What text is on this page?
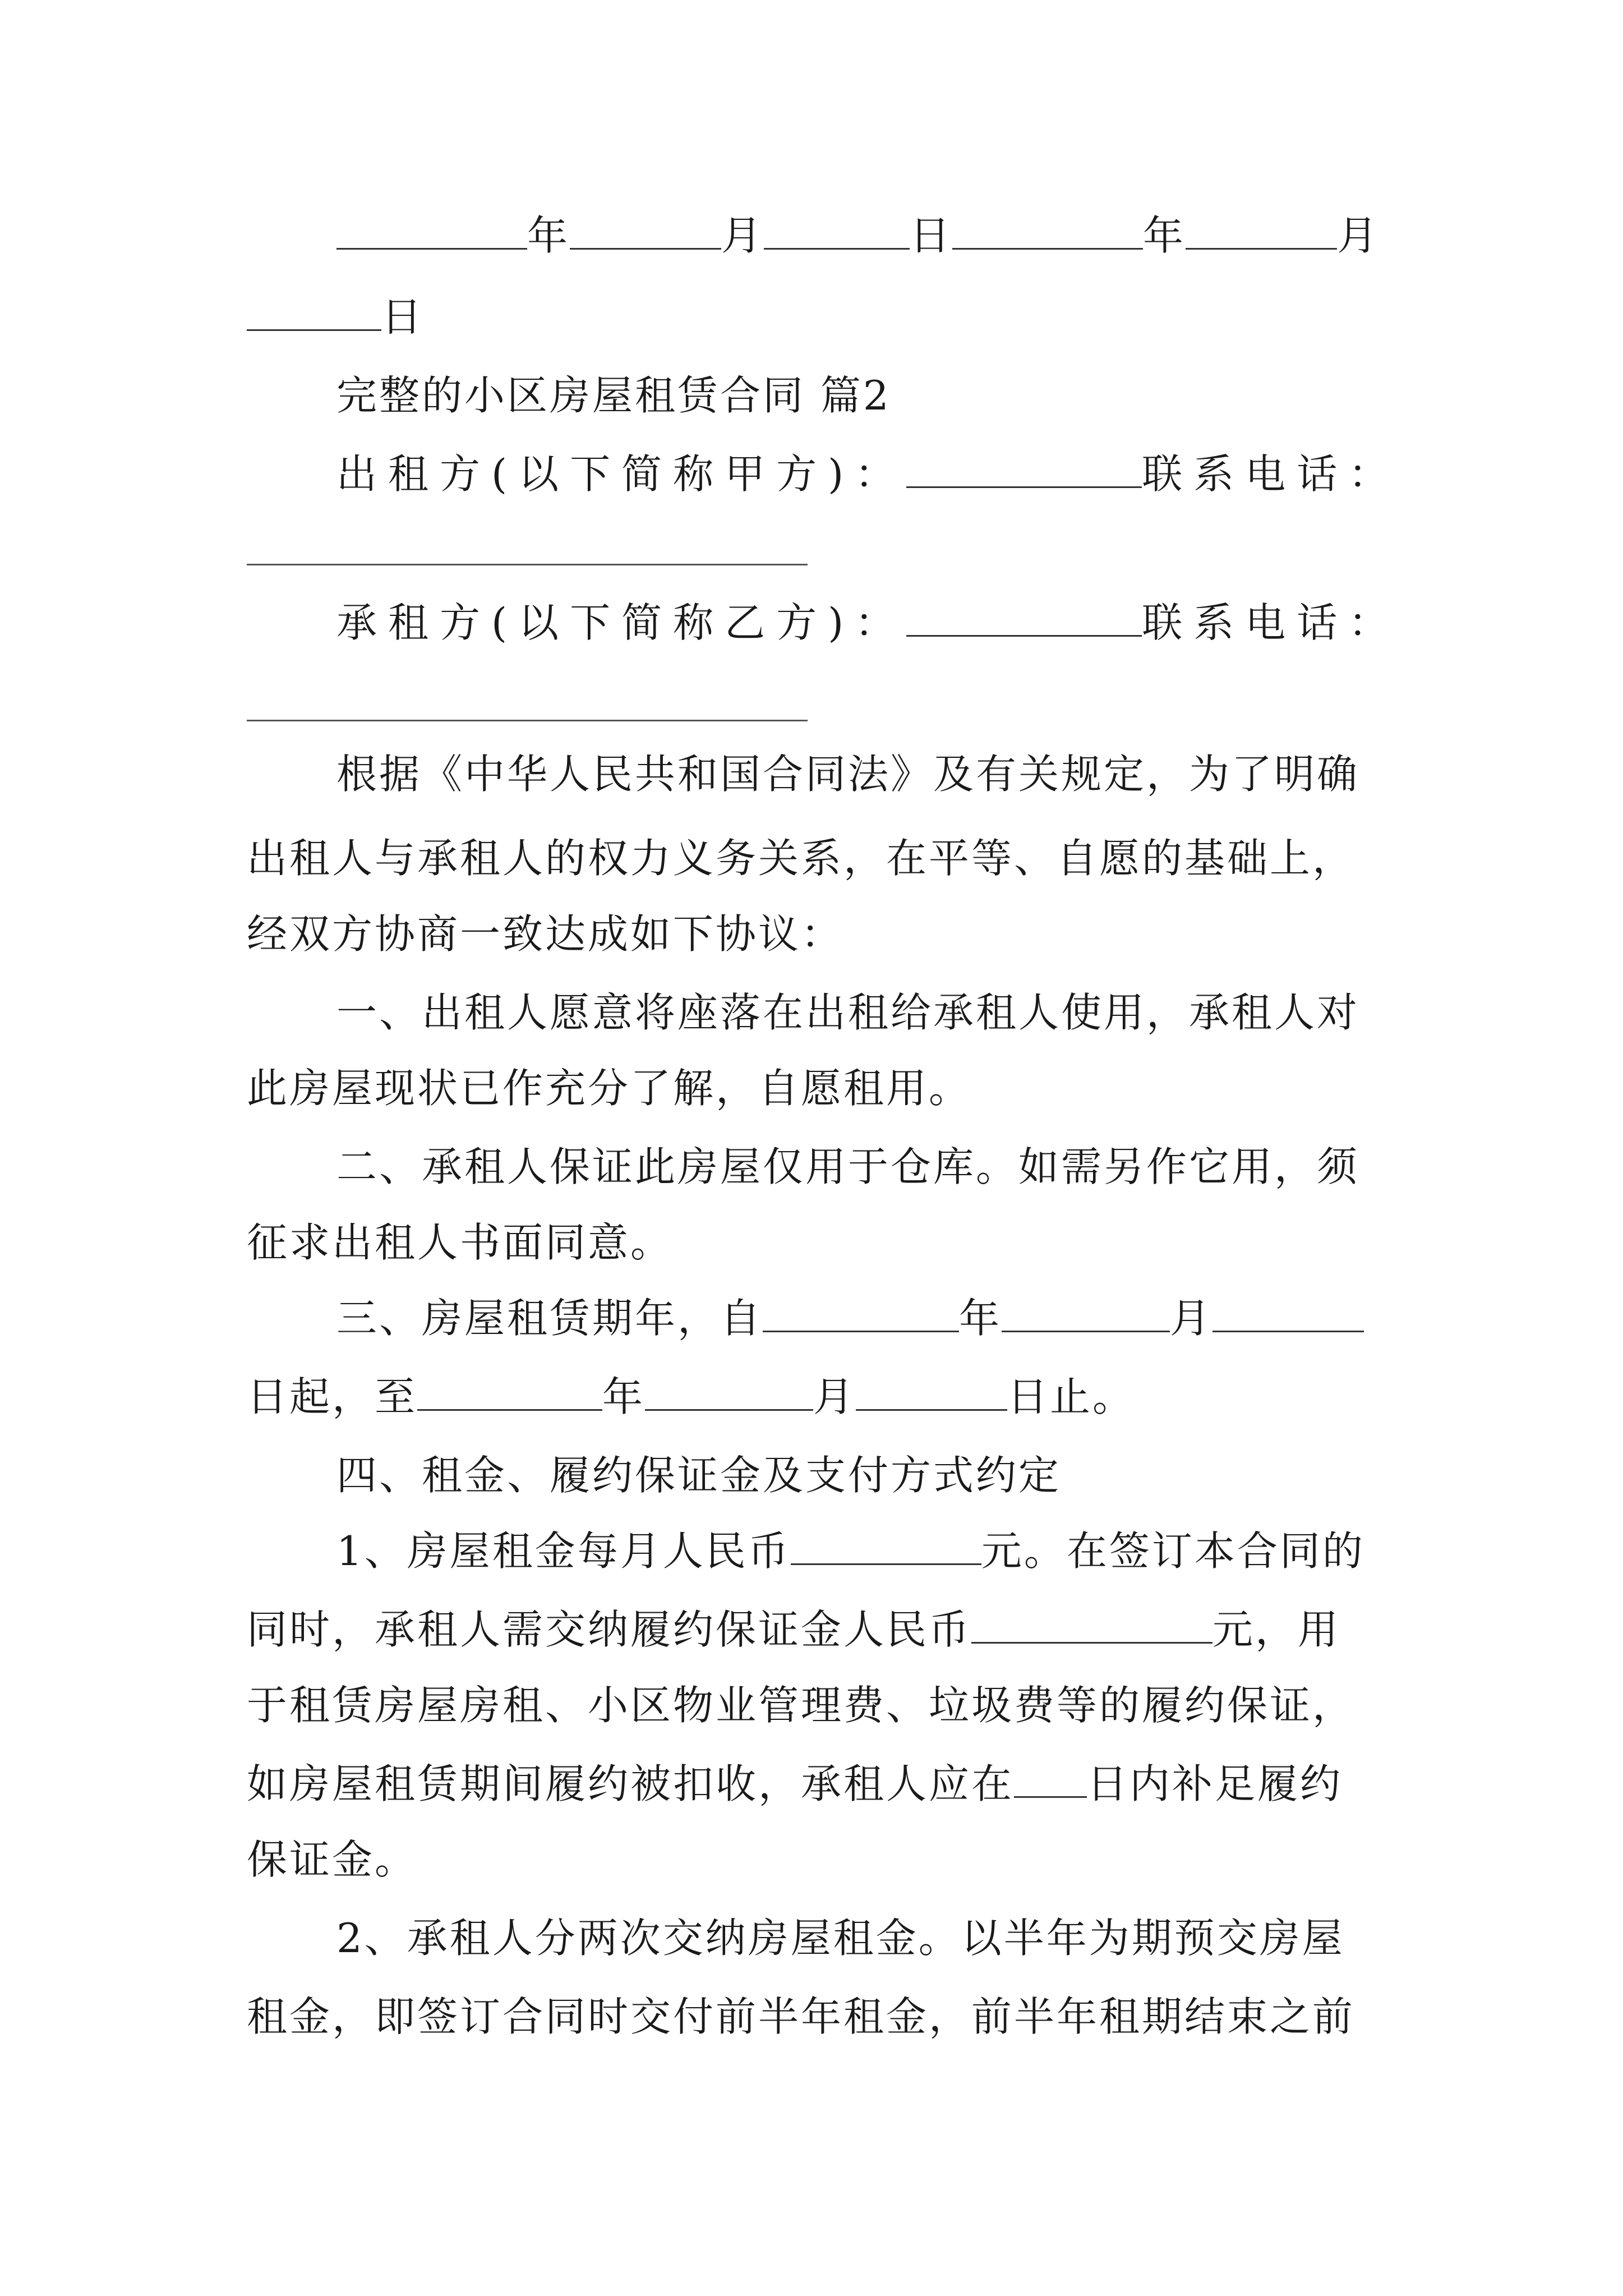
年	月	日	年	月
日
完整的小区房屋租赁合同 篇2
出租方(以下简称甲方)：	联系电话：
承租方(以下简称乙方)：	联系电话：
根据《中华人民共和国合同法》及有关规定，为了明确
出租人与承租人的权力义务关系，在平等、自愿的基础上，
经双方协商一致达成如下协议：
一、出租人愿意将座落在出租给承租人使用，承租人对
此房屋现状已作充分了解，自愿租用。
二、承租人保证此房屋仅用于仓库。如需另作它用，须
征求出租人书面同意。
三、房屋租赁期年，自	年	月
日起，至	年	月	日止。
四、租金、履约保证金及支付方式约定
1、房屋租金每月人民币	元。在签订本合同的
同时，承租人需交纳履约保证金人民币	元，用
于租赁房屋房租、小区物业管理费、垃圾费等的履约保证，
如房屋租赁期间履约被扣收，承租人应在 日内补足履约
保证金。
2、承租人分两次交纳房屋租金。以半年为期预交房屋
租金，即签订合同时交付前半年租金，前半年租期结束之前
